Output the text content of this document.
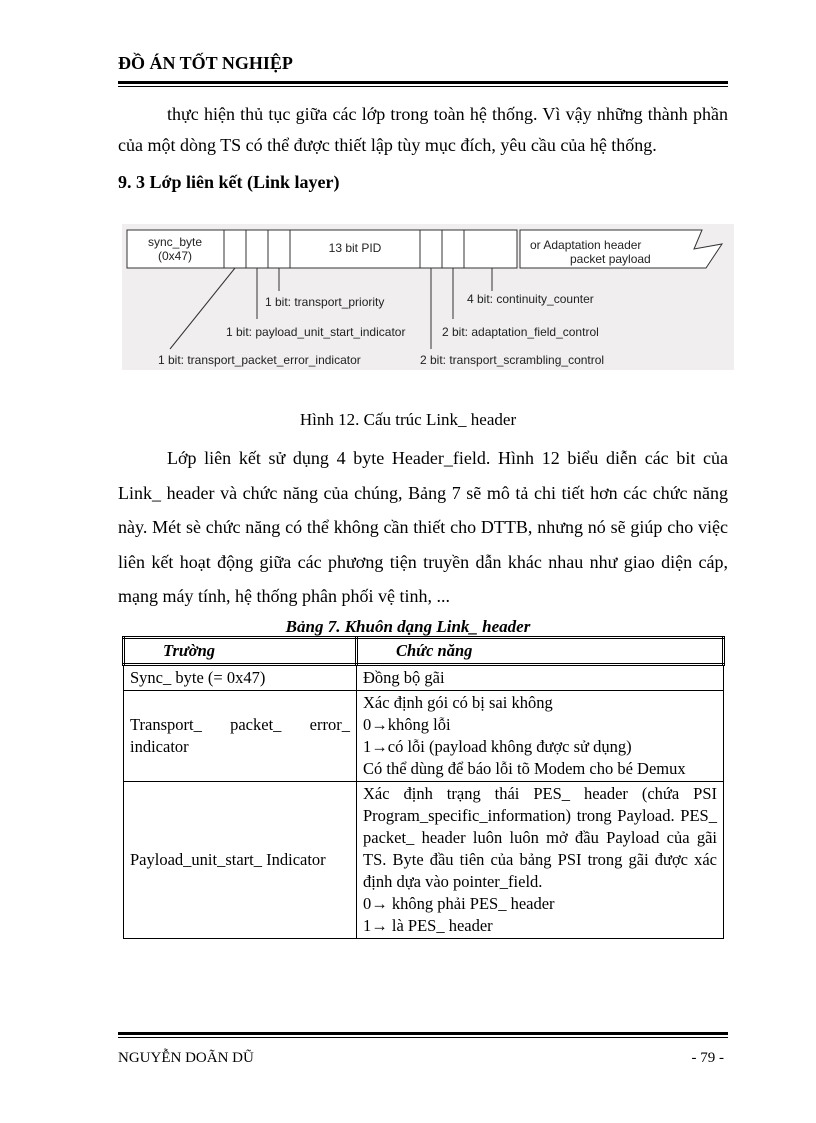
ĐỒ ÁN TỐT NGHIỆP
thực hiện thủ tục giữa các lớp trong toàn hệ thống. Vì vậy những thành phần của một dòng TS có thể được thiết lập tùy mục đích, yêu cầu của hệ thống.
9. 3 Lớp liên kết (Link layer)
sync_byte
(0x47)
13 bit PID	or Adaptation header
packet payload
1 bit: transport_priority
1 bit: payload_unit_start_indicator
1 bit: transport_packet_error_indicator
4 bit: continuity_counter
2 bit: adaptation_field_control
2 bit: transport_scrambling_control
Hình 12. Cấu trúc Link_ header
Lớp liên kết sử dụng 4 byte Header_field. Hình 12 biểu diễn các bit của Link_ header và chức năng của chúng, Bảng 7 sẽ mô tả chi tiết hơn các chức năng này. Mét sè chức năng có thể không cần thiết cho DTTB, nhưng nó sẽ giúp cho việc liên kết hoạt động giữa các phương tiện truyền dẫn khác nhau như giao diện cáp, mạng máy tính, hệ thống phân phối vệ tinh, ...
Bảng 7. Khuôn dạng Link_ header
Trường	Chức năng
Sync_ byte (= 0x47)	Đồng bộ gãi

Transport_ packet_ error_ indicator	Xác định gói có bị sai không
0→không lỗi
1→có lỗi (payload không được sử dụng)
Có thể dùng để báo lỗi tõ Modem cho bé Demux

Payload_unit_start_ Indicator	Xác định trạng thái PES_ header (chứa PSI Program_specific_information) trong Payload. PES_ packet_ header luôn luôn mở đầu Payload của gãi TS. Byte đầu tiên của bảng PSI trong gãi được xác định dựa vào pointer_field.
0→ không phải PES_ header
1→ là PES_ header
NGUYỄN DOÃN DŨ	- 79 -
